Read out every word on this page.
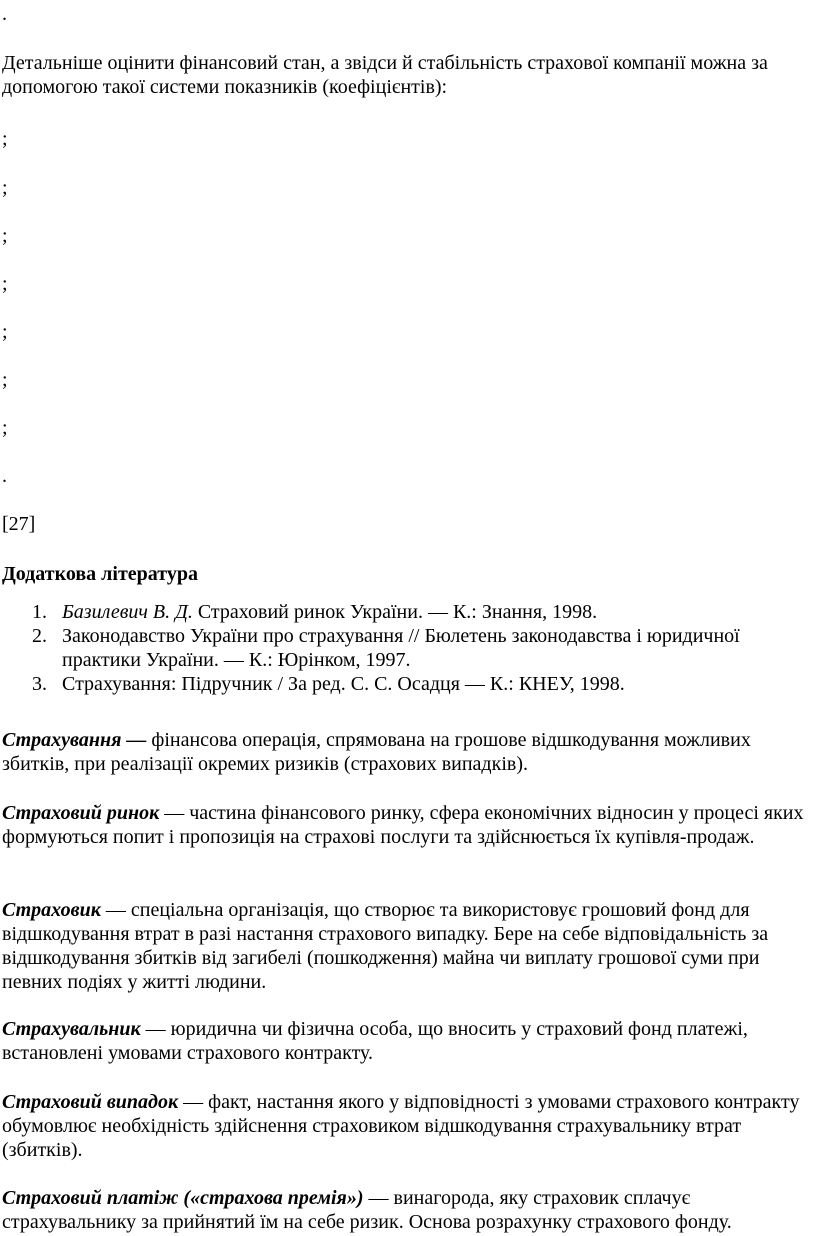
.

Детальніше оцінити фінансовий стан, а звідси й стабільність страхової компанії можна за допомогою такої системи показників (коефіцієнтів):

;

;

;

;

;

;

;

.

[27]

Додаткова література

Базилевич В. Д. Страховий ринок України. — К.: Знання, 1998.
Законодавство України про страхування // Бюлетень законодавства і юридичної практики України. — К.: Юрінком, 1997.
Страхування: Підручник / За ред. С. С. Осадця — К.: КНЕУ, 1998.

Страхування — фінансова операція, спрямована на грошове відшкодування можливих збитків, при реалізації окремих ризиків (страхових випадків).

Страховий ринок — частина фінансового ринку, сфера економічних відносин у процесі яких формуються попит і пропозиція на страхові послуги та здійснюється їх купівля-продаж.

Страховик — спеціальна організація, що створює та використовує грошовий фонд для відшкодування втрат в разі настання страхового випадку. Бере на себе відповідальність за відшкодування збитків від загибелі (пошкодження) майна чи виплату грошової суми при певних подіях у житті людини.

Страхувальник — юридична чи фізична особа, що вносить у страховий фонд платежі, встановлені умовами страхового контракту.

Страховий випадок — факт, настання якого у відповідності з умовами страхового контракту обумовлює необхідність здійснення страховиком відшкодування страхувальнику втрат (збитків).

Страховий платіж («страхова премія») — винагорода, яку страховик сплачує страхувальнику за прийнятий їм на себе ризик. Основа розрахунку страхового фонду.
